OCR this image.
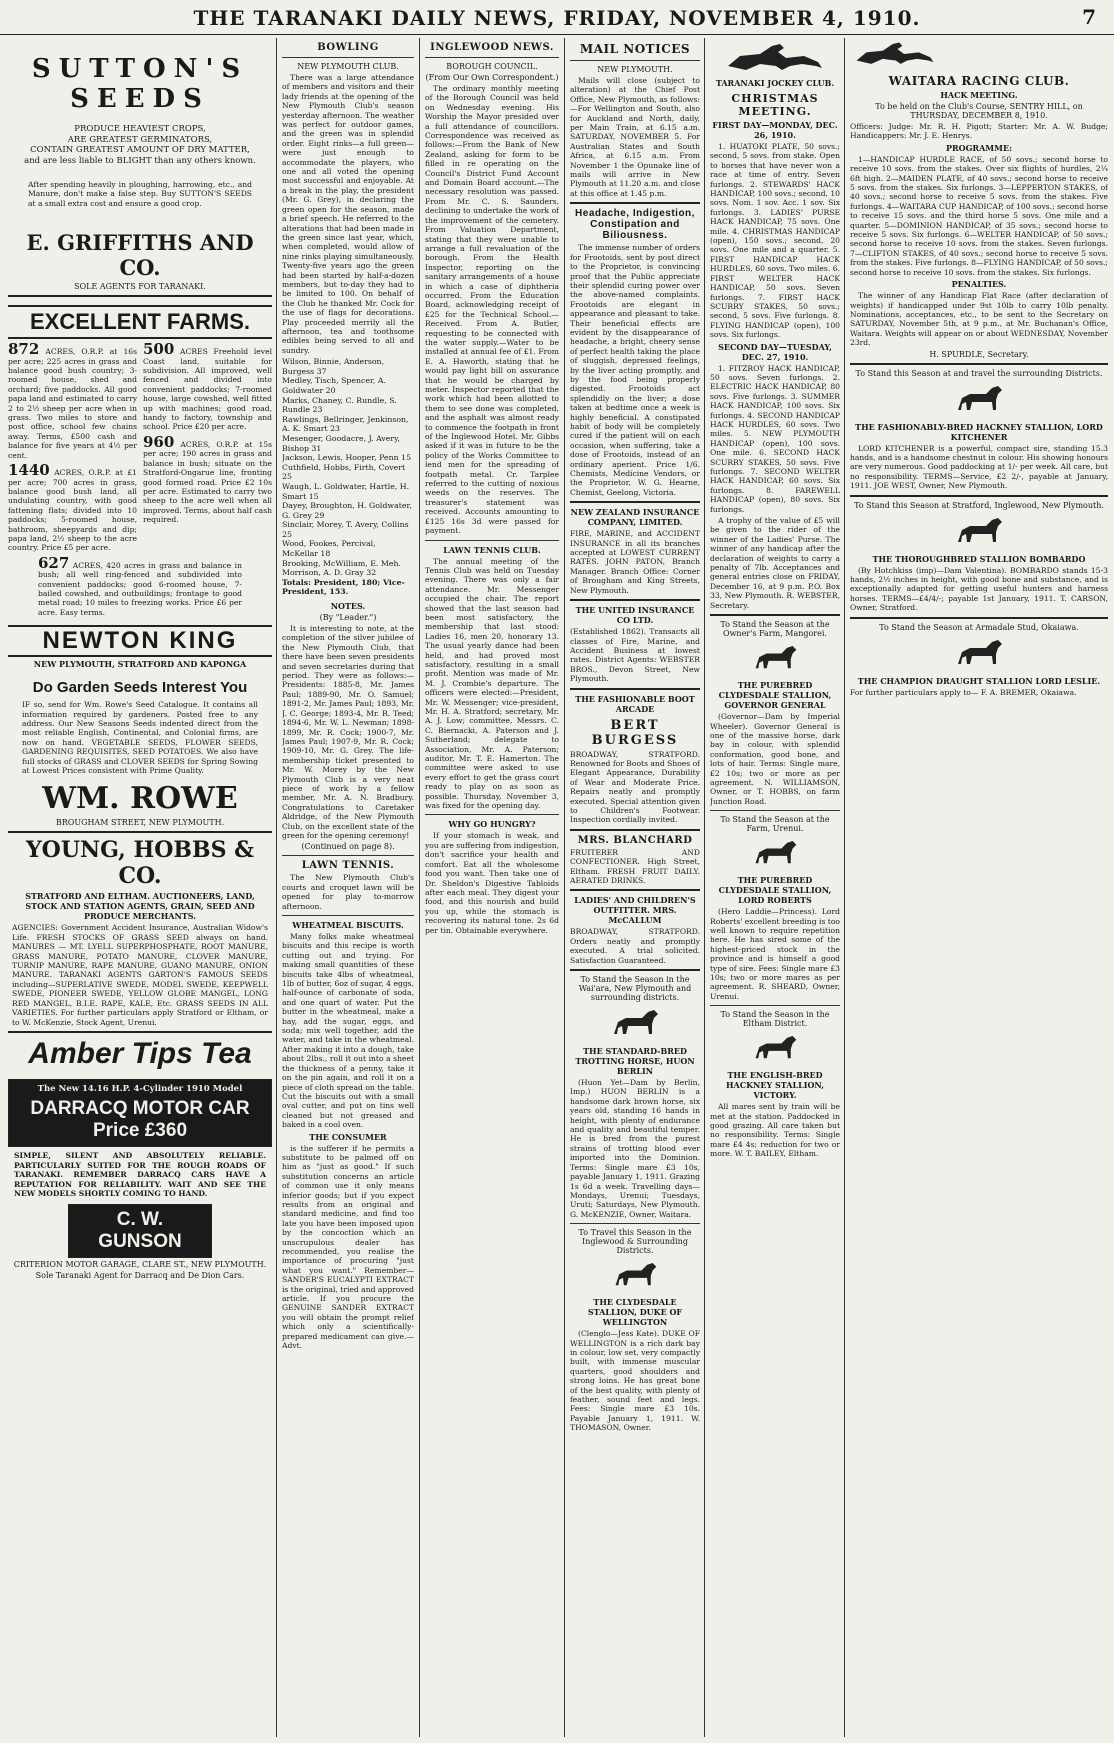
THE TARANAKI DAILY NEWS, FRIDAY, NOVEMBER 4, 1910.	7
SUTTON'S SEEDS
PRODUCE HEAVIEST CROPS,
ARE GREATEST GERMINATORS,
CONTAIN GREATEST AMOUNT OF DRY MATTER,
and are less liable to BLIGHT than any others known.
After spending heavily in ploughing, harrowing, etc., and Manure, don't make a false step. Buy SUTTON'S SEEDS at a small extra cost and ensure a good crop.
E. GRIFFITHS AND CO.
SOLE AGENTS FOR TARANAKI.
EXCELLENT FARMS.
872 ACRES, O.R.P. at 16s per acre; 225 acres in grass and balance good bush country; 3-roomed house, shed and orchard; five paddocks. All good papa land and estimated to carry 2 to 2½ sheep per acre when in grass. Two miles to store and post office, school few chains away. Terms, £500 cash and balance for five years at 4½ per cent.
1440 ACRES, O.R.P. at £1 per acre; 700 acres in grass, balance good bush land, all undulating country, with good fattening flats; divided into 10 paddocks; 5-roomed house, bathroom, sheepyards and dip; papa land, 2½ sheep to the acre country. Price £5 per acre.
500 ACRES Freehold level Coast land, suitable for subdivision. All improved, well fenced and divided into convenient paddocks; 7-roomed house, large cowshed, well fitted up with machines; good road, handy to factory, township and school. Price £20 per acre.
960 ACRES, O.R.P. at 15s per acre; 190 acres in grass and balance in bush; situate on the Stratford-Ongarue line, fronting good formed road. Price £2 10s per acre. Estimated to carry two sheep to the acre well when all improved. Terms, about half cash required.
627 ACRES, 420 acres in grass and balance in bush; all well ring-fenced and subdivided into convenient paddocks; good 6-roomed house, 7-bailed cowshed, and outbuildings; frontage to good metal road; 10 miles to freezing works. Price £6 per acre. Easy terms.
NEWTON KING
NEW PLYMOUTH, STRATFORD AND KAPONGA
Do Garden Seeds Interest You
IF so, send for Wm. Rowe's Seed Catalogue. It contains all information required by gardeners. Posted free to any address. Our New Seasons Seeds indented direct from the most reliable English, Continental, and Colonial firms, are now on hand. VEGETABLE SEEDS, FLOWER SEEDS, GARDENING REQUISITES, SEED POTATOES. We also have full stocks of GRASS and CLOVER SEEDS for Spring Sowing at Lowest Prices consistent with Prime Quality.
WM. ROWE
BROUGHAM STREET, NEW PLYMOUTH.
YOUNG, HOBBS & CO.
STRATFORD AND ELTHAM. AUCTIONEERS, LAND, STOCK AND STATION AGENTS, GRAIN, SEED AND PRODUCE MERCHANTS.
AGENCIES: Government Accident Insurance, Australian Widow's Life. FRESH STOCKS OF GRASS SEED always on hand. MANURES — MT. LYELL SUPERPHOSPHATE, ROOT MANURE, GRASS MANURE, POTATO MANURE, CLOVER MANURE, TURNIP MANURE, RAPE MANURE, GUANO MANURE, ONION MANURE. TARANAKI AGENTS GARTON'S FAMOUS SEEDS including—SUPERLATIVE SWEDE, MODEL SWEDE, KEEPWELL SWEDE, PIONEER SWEDE, YELLOW GLOBE MANGEL, LONG RED MANGEL, B.I.E. RAPE, KALE, Etc. GRASS SEEDS IN ALL VARIETIES. For further particulars apply Stratford or Eltham, or to W. McKenzie, Stock Agent, Urenui.
Amber Tips Tea
The New 14.16 H.P. 4-Cylinder 1910 Model
DARRACQ MOTOR CAR
Price £360
SIMPLE, SILENT AND ABSOLUTELY RELIABLE. PARTICULARLY SUITED FOR THE ROUGH ROADS OF TARANAKI. REMEMBER DARRACQ CARS HAVE A REPUTATION FOR RELIABILITY. WAIT AND SEE THE NEW MODELS SHORTLY COMING TO HAND.
C. W. GUNSON
CRITERION MOTOR GARAGE, CLARE ST., NEW PLYMOUTH.
Sole Taranaki Agent for Darracq and De Dion Cars.
BOWLING
NEW PLYMOUTH CLUB.

There was a large attendance of members and visitors and their lady friends at the opening of the New Plymouth Club's season yesterday afternoon. The weather was perfect for outdoor games, and the green was in splendid order. Eight rinks—a full green—were just enough to accommodate the players, who one and all voted the opening most successful and enjoyable. At a break in the play, the president (Mr. G. Grey), in declaring the green open for the season, made a brief speech. He referred to the alterations that had been made in the green since last year, which, when completed, would allow of nine rinks playing simultaneously. Twenty-five years ago the green had been started by half-a-dozen members, but to-day they had to be limited to 100. On behalf of the Club he thanked Mr. Cock for the use of flags for decorations. Play proceeded merrily all the afternoon, tea and toothsome edibles being served to all and sundry.

Wilson, Binnie, Anderson, Burgess 37
Medley, Tisch, Spencer, A. Goldwater 20
Marks, Chaney, C. Rundle, S. Rundle 23
Rawlings, Bellringer, Jenkinson, A. K. Smart 23
Mesenger, Goodacre, J. Avery, Bishop 31
Jackson, Lewis, Hooper, Penn 15
Cuthfield, Hobbs, Firth, Covert 25
Waugh, L. Goldwater, Hartle, H. Smart 15
Dayey, Broughton, H. Goldwater, G. Grey 29
Sinclair, Morey, T. Avery, Collins 25
Wood, Fookes, Percival, McKellar 18
Brooking, McWilliam, E. Meh. Morrison, A. D. Gray 32
Totals: President, 180; Vice-President, 153.
NOTES.
(By "Leader.")

It is interesting to note, at the completion of the silver jubilee of the New Plymouth Club, that there have been seven presidents and seven secretaries during that period. They were as follows:—Presidents: 1885-8, Mr. James Paul; 1889-90, Mr. O. Samuel; 1891-2, Mr. James Paul; 1893, Mr. J. C. George; 1893-4, Mr. R. Teed; 1894-6, Mr. W. L. Newman; 1898-1899, Mr. R. Cock; 1900-7, Mr. James Paul; 1907-9, Mr. R. Cock; 1909-10, Mr. G. Grey. The life-membership ticket presented to Mr. W. Morey by the New Plymouth Club is a very neat piece of work by a fellow member, Mr. A. N. Bradbury. Congratulations to Caretaker Aldridge, of the New Plymouth Club, on the excellent state of the green for the opening ceremony!

(Continued on page 8).
LAWN TENNIS.

The New Plymouth Club's courts and croquet lawn will be opened for play to-morrow afternoon.

WHEATMEAL BISCUITS.

Many folks make wheatmeal biscuits and this recipe is worth cutting out and trying. For making small quantities of these biscuits take 4lbs of wheatmeal, 1lb of butter, 6oz of sugar, 4 eggs, half-ounce of carbonate of soda, and one quart of water. Put the butter in the wheatmeal, make a bay, add the sugar, eggs, and soda; mix well together, add the water, and take in the wheatmeal. After making it into a dough, take about 2lbs., roll it out into a sheet the thickness of a penny, take it on the pin again, and roll it on a piece of cloth spread on the table. Cut the biscuits out with a small oval cutter, and put on tins well cleaned but not greased and baked in a cool oven.

THE CONSUMER

is the sufferer if he permits a substitute to be palmed off on him as "just as good." If such substitution concerns an article of common use it only means inferior goods; but if you expect results from an original and standard medicine, and find too late you have been imposed upon by the concoction which an unscrupulous dealer has recommended, you realise the importance of procuring "just what you want." Remember—SANDER'S EUCALYPTI EXTRACT is the original, tried and approved article. If you procure the GENUINE SANDER EXTRACT you will obtain the prompt relief which only a scientifically-prepared medicament can give.—Advt.

INGLEWOOD NEWS.
BOROUGH COUNCIL.
(From Our Own Correspondent.)

The ordinary monthly meeting of the Borough Council was held on Wednesday evening. His Worship the Mayor presided over a full attendance of councillors. Correspondence was received as follows:—From the Bank of New Zealand, asking for form to be filled in re operating on the Council's District Fund Account and Domain Board account.—The necessary resolution was passed. From Mr. C. S. Saunders, declining to undertake the work of the improvement of the cemetery. From Valuation Department, stating that they were unable to arrange a full revaluation of the borough. From the Health Inspector, reporting on the sanitary arrangements of a house in which a case of diphtheria occurred. From the Education Board, acknowledging receipt of £25 for the Technical School.—Received. From A. Butler, requesting to be connected with the water supply.—Water to be installed at annual fee of £1. From E. A. Haworth, stating that he would pay light bill on assurance that he would be charged by meter. Inspector reported that the work which had been allotted to them to see done was completed, and the asphalt was almost ready to commence the footpath in front of the Inglewood Hotel. Mr. Gibbs asked if it was in future to be the policy of the Works Committee to lend men for the spreading of footpath metal. Cr. Tarplee referred to the cutting of noxious weeds on the reserves. The treasurer's statement was received. Accounts amounting to £125 16s 3d were passed for payment.

LAWN TENNIS CLUB.

The annual meeting of the Tennis Club was held on Tuesday evening. There was only a fair attendance. Mr. Messenger occupied the chair. The report showed that the last season had been most satisfactory, the membership that last stood: Ladies 16, men 20, honorary 13. The usual yearly dance had been held, and had proved most satisfactory, resulting in a small profit. Mention was made of Mr. M. J. Crombie's departure. The officers were elected:—President, Mr. W. Messenger; vice-president, Mr. H. A. Stratford; secretary, Mr. A. J. Low; committee, Messrs. C. C. Biernacki, A. Paterson and J. Sutherland; delegate to Association, Mr. A. Paterson; auditor, Mr. T. E. Hamerton. The committee were asked to use every effort to get the grass court ready to play on as soon as possible. Thursday, November 3, was fixed for the opening day.

WHY GO HUNGRY?

If your stomach is weak, and you are suffering from indigestion, don't sacrifice your health and comfort. Eat all the wholesome food you want. Then take one of Dr. Sheldon's Digestive Tabloids after each meal. They digest your food, and this nourish and build you up, while the stomach is recovering its natural tone. 2s 6d per tin. Obtainable everywhere.

MAIL NOTICES
NEW PLYMOUTH.

Mails will close (subject to alteration) at the Chief Post Office, New Plymouth, as follows:—For Wellington and South, also for Auckland and North, daily, per Main Train, at 6.15 a.m. SATURDAY, NOVEMBER 5. For Australian States and South Africa, at 6.15 a.m. From November 1 the Opunake line of mails will arrive in New Plymouth at 11.20 a.m. and close at this office at 1.45 p.m.

Headache, Indigestion, Constipation and Biliousness.

The immense number of orders for Frootoids, sent by post direct to the Proprietor, is convincing proof that the Public appreciate their splendid curing power over the above-named complaints. Frootoids are elegant in appearance and pleasant to take. Their beneficial effects are evident by the disappearance of headache, a bright, cheery sense of perfect health taking the place of sluggish, depressed feelings, by the liver acting promptly, and by the food being properly digested. Frootoids act splendidly on the liver; a dose taken at bedtime once a week is highly beneficial. A constipated habit of body will be completely cured if the patient will on each occasion, when suffering, take a dose of Frootoids, instead of an ordinary aperient. Price 1/6. Chemists, Medicine Vendors, or the Proprietor, W. G. Hearne, Chemist, Geelong, Victoria.

NEW ZEALAND INSURANCE COMPANY, LIMITED.
FIRE, MARINE, and ACCIDENT INSURANCE in all its branches accepted at LOWEST CURRENT RATES. JOHN PATON, Branch Manager. Branch Office: Corner of Brougham and King Streets, New Plymouth.
THE UNITED INSURANCE CO LTD.
(Established 1862). Transacts all classes of Fire, Marine, and Accident Business at lowest rates. District Agents: WEBSTER BROS., Devon Street, New Plymouth.
THE FASHIONABLE BOOT ARCADE
BERT BURGESS
BROADWAY, STRATFORD. Renowned for Boots and Shoes of Elegant Appearance, Durability of Wear and Moderate Price. Repairs neatly and promptly executed. Special attention given to Children's Footwear. Inspection cordially invited.
MRS. BLANCHARD
FRUITERER AND CONFECTIONER. High Street, Eltham. FRESH FRUIT DAILY. AERATED DRINKS.
LADIES' AND CHILDREN'S OUTFITTER. MRS. McCALLUM
BROADWAY, STRATFORD. Orders neatly and promptly executed. A trial solicited. Satisfaction Guaranteed.
To Stand the Season in the Wai'ara, New Plymouth and surrounding districts.
THE STANDARD-BRED TROTTING HORSE, HUON BERLIN

(Huon Yet—Dam by Berlin, Imp.) HUON BERLIN is a handsome dark brown horse, six years old, standing 16 hands in height, with plenty of endurance and quality and beautiful temper. He is bred from the purest strains of trotting blood ever imported into the Dominion. Terms: Single mare £3 10s, payable January 1, 1911. Grazing 1s 6d a week. Travelling days—Mondays, Urenui; Tuesdays, Uruti; Saturdays, New Plymouth. G. McKENZIE, Owner, Waitara.

To Travel this Season in the Inglewood & Surrounding Districts.
THE CLYDESDALE STALLION, DUKE OF WELLINGTON

(Clenglo—Jess Kate). DUKE OF WELLINGTON is a rich dark bay in colour, low set, very compactly built, with immense muscular quarters, good shoulders and strong loins. He has great bone of the best quality, with plenty of feather, sound feet and legs. Fees: Single mare £3 10s. Payable January 1, 1911. W. THOMASON, Owner.

TARANAKI JOCKEY CLUB.
CHRISTMAS MEETING.
FIRST DAY—MONDAY, DEC. 26, 1910.

1. HUATOKI PLATE, 50 sovs.; second, 5 sovs. from stake. Open to horses that have never won a race at time of entry. Seven furlongs. 2. STEWARDS' HACK HANDICAP, 100 sovs.; second, 10 sovs. Nom. 1 sov. Acc. 1 sov. Six furlongs. 3. LADIES' PURSE HACK HANDICAP, 75 sovs. One mile. 4. CHRISTMAS HANDICAP (open), 150 sovs.; second, 20 sovs. One mile and a quarter. 5. FIRST HANDICAP HACK HURDLES, 60 sovs. Two miles. 6. FIRST WELTER HACK HANDICAP, 50 sovs. Seven furlongs. 7. FIRST HACK SCURRY STAKES, 50 sovs.; second, 5 sovs. Five furlongs. 8. FLYING HANDICAP (open), 100 sovs. Six furlongs.

SECOND DAY—TUESDAY, DEC. 27, 1910.

1. FITZROY HACK HANDICAP, 50 sovs. Seven furlongs. 2. ELECTRIC HACK HANDICAP, 80 sovs. Five furlongs. 3. SUMMER HACK HANDICAP, 100 sovs. Six furlongs. 4. SECOND HANDICAP HACK HURDLES, 60 sovs. Two miles. 5. NEW PLYMOUTH HANDICAP (open), 100 sovs. One mile. 6. SECOND HACK SCURRY STAKES, 50 sovs. Five furlongs. 7. SECOND WELTER HACK HANDICAP, 60 sovs. Six furlongs. 8. FAREWELL HANDICAP (open), 80 sovs. Six furlongs.

A trophy of the value of £5 will be given to the rider of the winner of the Ladies' Purse. The winner of any handicap after the declaration of weights to carry a penalty of 7lb. Acceptances and general entries close on FRIDAY, December 16, at 9 p.m. P.O. Box 33, New Plymouth. R. WEBSTER, Secretary.

To Stand the Season at the Owner's Farm, Mangorei.
THE PUREBRED CLYDESDALE STALLION, GOVERNOR GENERAL

(Governor—Dam by Imperial Wheeler). Governor General is one of the massive horse, dark bay in colour, with splendid conformation, good bone, and lots of hair. Terms: Single mare, £2 10s; two or more as per agreement. N. WILLIAMSON, Owner, or T. HOBBS, on farm Junction Road.

To Stand the Season at the Farm, Urenui.
THE PUREBRED CLYDESDALE STALLION, LORD ROBERTS

(Hero Laddie—Princess). Lord Roberts' excellent breeding is too well known to require repetition here. He has sired some of the highest-priced stock in the province and is himself a good type of sire. Fees: Single mare £3 10s; two or more mares as per agreement. R. SHEARD, Owner, Urenui.

To Stand the Season in the Eltham District.
THE ENGLISH-BRED HACKNEY STALLION, VICTORY.

All mares sent by train will be met at the station. Paddocked in good grazing. All care taken but no responsibility. Terms: Single mare £4 4s; reduction for two or more. W. T. BAILEY, Eltham.

WAITARA RACING CLUB.
HACK MEETING.
To be held on the Club's Course, SENTRY HILL, on THURSDAY, DECEMBER 8, 1910.
Officers: Judge: Mr. R. H. Pigott; Starter: Mr. A. W. Budge; Handicappers: Mr. J. E. Henrys.
PROGRAMME:

1—HANDICAP HURDLE RACE, of 50 sovs.; second horse to receive 10 sovs. from the stakes. Over six flights of hurdles, 2¼ 6ft high. 2—MAIDEN PLATE, of 40 sovs.; second horse to receive 5 sovs. from the stakes. Six furlongs. 3—LEPPERTON STAKES, of 40 sovs.; second horse to receive 5 sovs. from the stakes. Five furlongs. 4—WAITARA CUP HANDICAP, of 100 sovs.; second horse to receive 15 sovs. and the third horse 5 sovs. One mile and a quarter. 5—DOMINION HANDICAP, of 35 sovs.; second horse to receive 5 sovs. Six furlongs. 6—WELTER HANDICAP, of 50 sovs.; second horse to receive 10 sovs. from the stakes. Seven furlongs. 7—CLIFTON STAKES, of 40 sovs.; second horse to receive 5 sovs. from the stakes. Five furlongs. 8—FLYING HANDICAP, of 50 sovs.; second horse to receive 10 sovs. from the stakes. Six furlongs.

PENALTIES.

The winner of any Handicap Flat Race (after declaration of weights) if handicapped under 9st 10lb to carry 10lb penalty. Nominations, acceptances, etc., to be sent to the Secretary on SATURDAY, November 5th, at 9 p.m., at Mr. Buchanan's Office, Waitara. Weights will appear on or about WEDNESDAY, November 23rd.

H. SPURDLE, Secretary.
To Stand this Season at and travel the surrounding Districts.
THE FASHIONABLY-BRED HACKNEY STALLION, LORD KITCHENER

LORD KITCHENER is a powerful, compact sire, standing 15.3 hands, and is a handsome chestnut in colour. His showing honours are very numerous. Good paddocking at 1/- per week. All care, but no responsibility. TERMS—Service, £2 2/-, payable at January, 1911. JOE WEST, Owner, New Plymouth.

To Stand this Season at Stratford, Inglewood, New Plymouth.
THE THOROUGHBRED STALLION BOMBARDO

(By Hotchkiss (imp)—Dam Valentina). BOMBARDO stands 15-3 hands, 2½ inches in height, with good bone and substance, and is exceptionally adapted for getting useful hunters and harness horses. TERMS—£4/4/-; payable 1st January, 1911. T. CARSON, Owner, Stratford.

To Stand the Season at Armadale Stud, Okaiawa.
THE CHAMPION DRAUGHT STALLION LORD LESLIE.
For further particulars apply to— F. A. BREMER, Okaiawa.
